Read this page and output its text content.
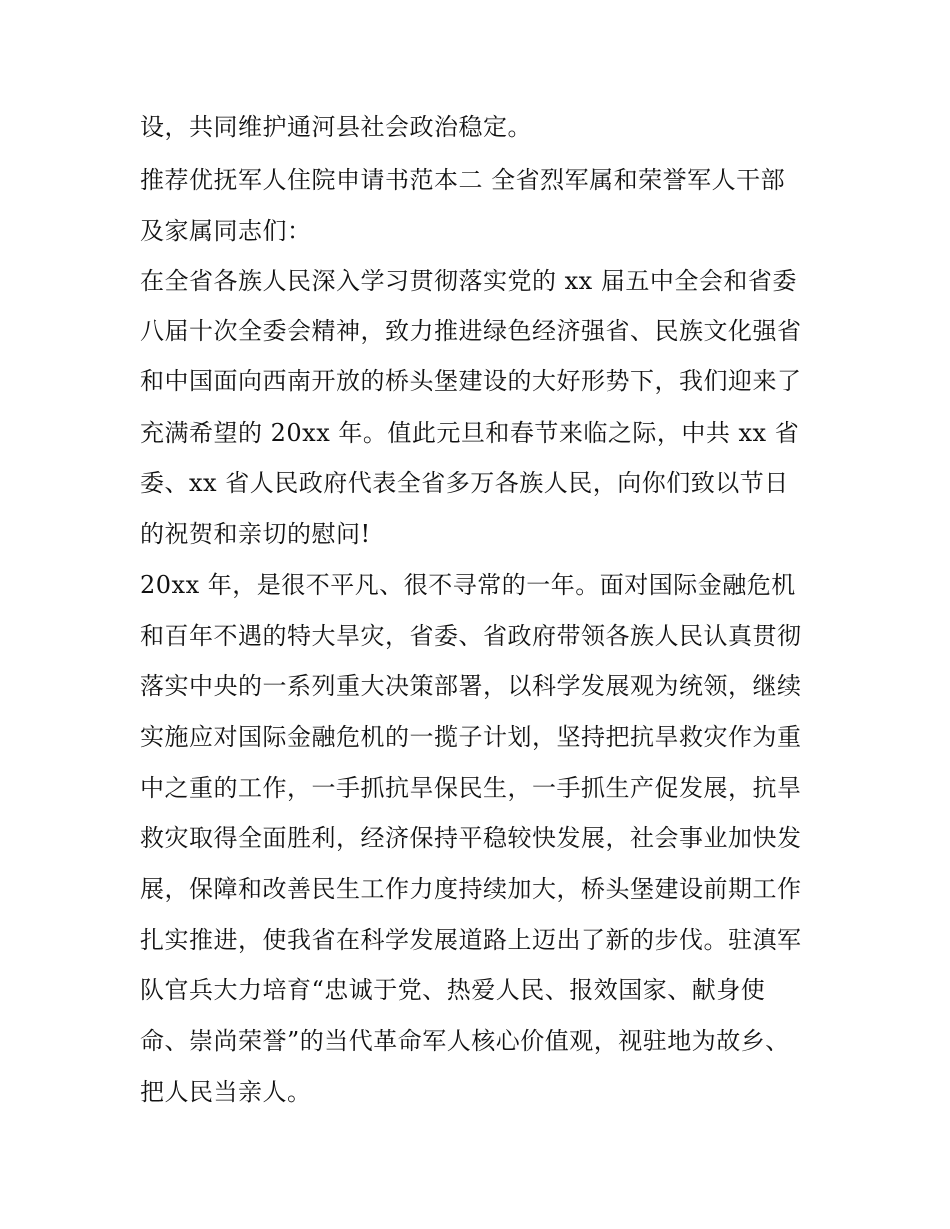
设，共同维护通河县社会政治稳定。
推荐优抚军人住院申请书范本二 全省烈军属和荣誉军人干部
及家属同志们：
在全省各族人民深入学习贯彻落实党的 xx 届五中全会和省委
八届十次全委会精神，致力推进绿色经济强省、民族文化强省
和中国面向西南开放的桥头堡建设的大好形势下，我们迎来了
充满希望的 20xx 年。值此元旦和春节来临之际，中共 xx 省
委、xx 省人民政府代表全省多万各族人民，向你们致以节日
的祝贺和亲切的慰问!
20xx 年，是很不平凡、很不寻常的一年。面对国际金融危机
和百年不遇的特大旱灾，省委、省政府带领各族人民认真贯彻
落实中央的一系列重大决策部署，以科学发展观为统领，继续
实施应对国际金融危机的一揽子计划，坚持把抗旱救灾作为重
中之重的工作，一手抓抗旱保民生，一手抓生产促发展，抗旱
救灾取得全面胜利，经济保持平稳较快发展，社会事业加快发
展，保障和改善民生工作力度持续加大，桥头堡建设前期工作
扎实推进，使我省在科学发展道路上迈出了新的步伐。驻滇军
队官兵大力培育“忠诚于党、热爱人民、报效国家、献身使
命、崇尚荣誉”的当代革命军人核心价值观，视驻地为故乡、
把人民当亲人。
